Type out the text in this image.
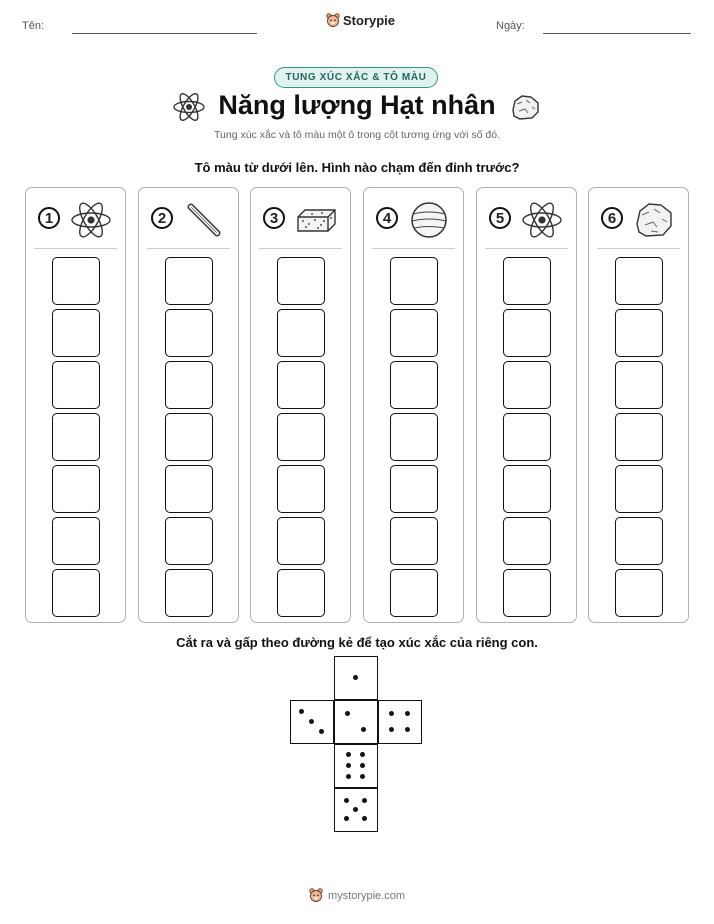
Tên:	Storypie	Ngày:
TUNG XÚC XẮC & TÔ MÀU
Năng lượng Hạt nhân
Tung xúc xắc và tô màu một ô trong cột tương ứng với số đó.
Tô màu từ dưới lên. Hình nào chạm đến đỉnh trước?
1	2	3	4	5	6
Cắt ra và gấp theo đường kẻ để tạo xúc xắc của riêng con.
mystorypie.com
